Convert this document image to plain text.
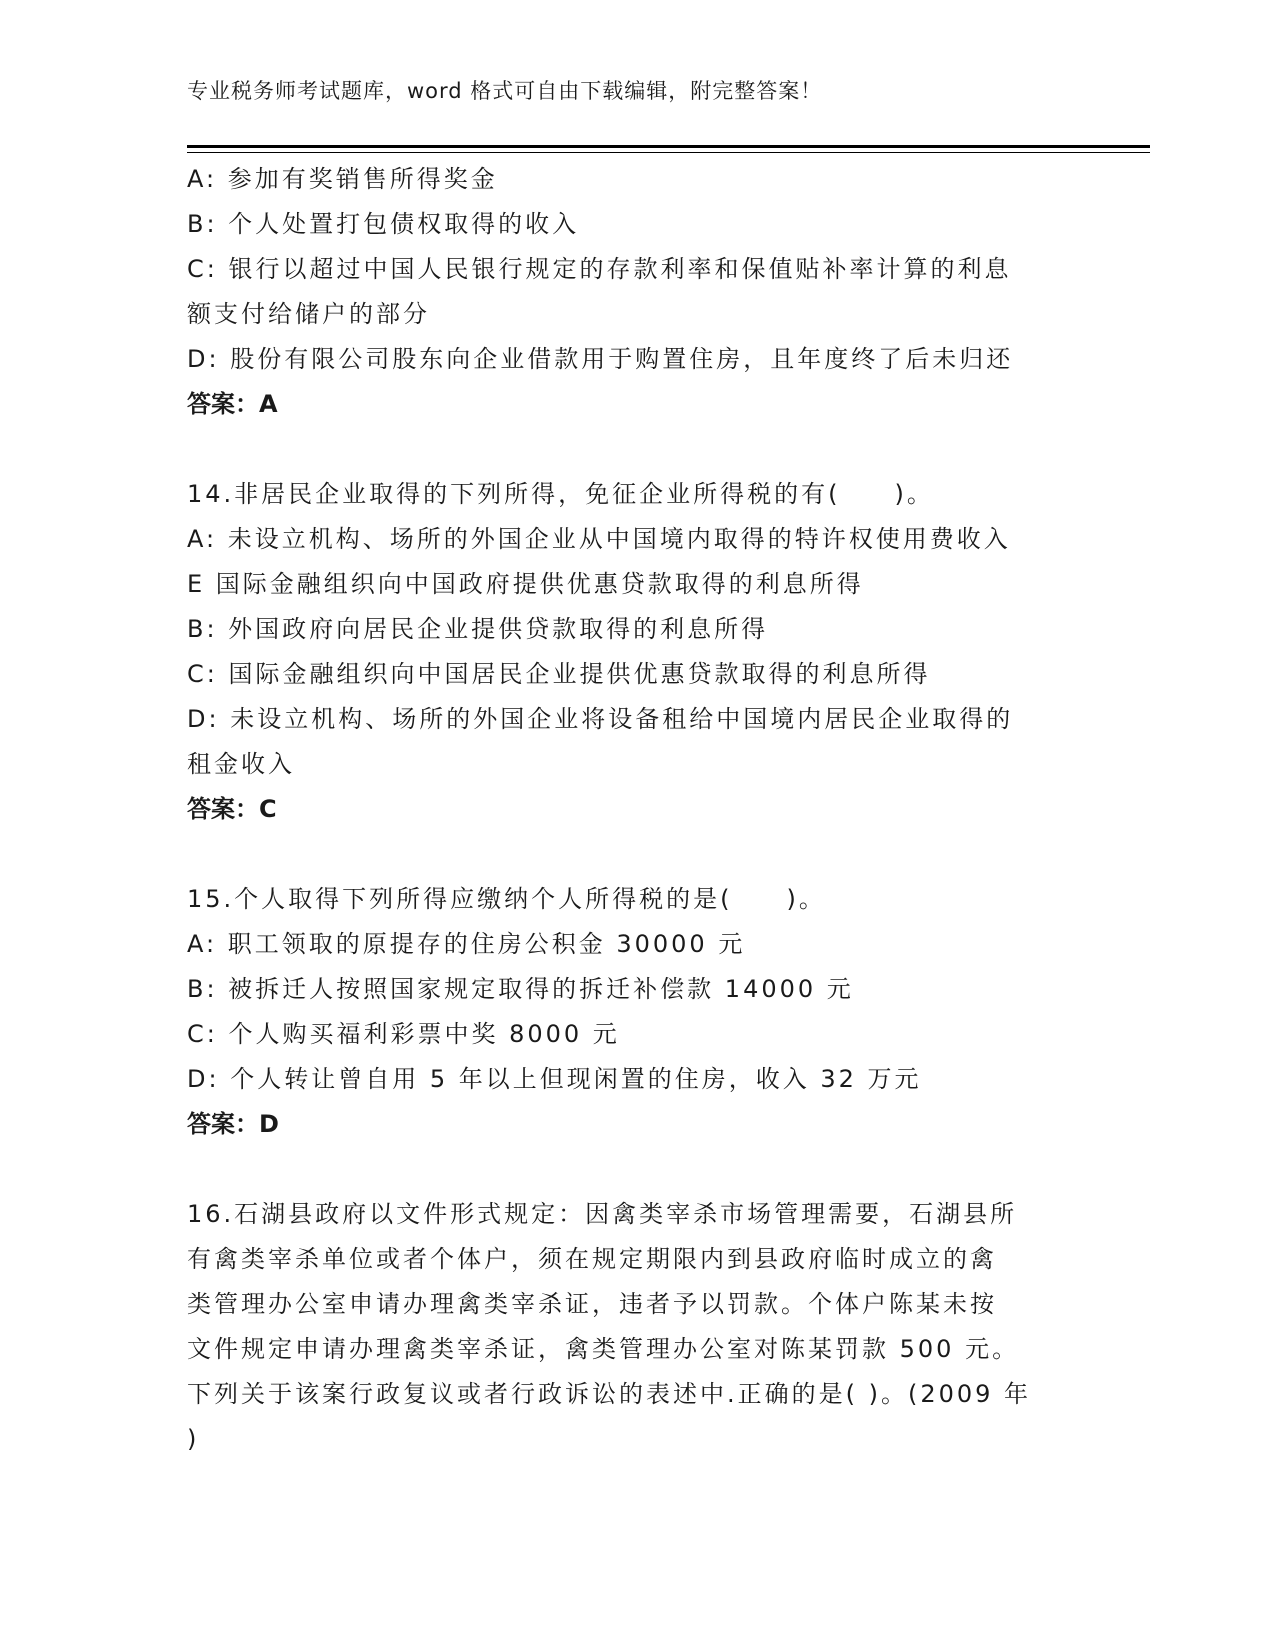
专业税务师考试题库，word 格式可自由下载编辑，附完整答案！
A: 参加有奖销售所得奖金
B: 个人处置打包债权取得的收入
C: 银行以超过中国人民银行规定的存款利率和保值贴补率计算的利息
额支付给储户的部分
D: 股份有限公司股东向企业借款用于购置住房，且年度终了后未归还
答案：A
14.非居民企业取得的下列所得，免征企业所得税的有(　　)。
A: 未设立机构、场所的外国企业从中国境内取得的特许权使用费收入
E 国际金融组织向中国政府提供优惠贷款取得的利息所得
B: 外国政府向居民企业提供贷款取得的利息所得
C: 国际金融组织向中国居民企业提供优惠贷款取得的利息所得
D: 未设立机构、场所的外国企业将设备租给中国境内居民企业取得的
租金收入
答案：C
15.个人取得下列所得应缴纳个人所得税的是(　　)。
A: 职工领取的原提存的住房公积金 30000 元
B: 被拆迁人按照国家规定取得的拆迁补偿款 14000 元
C: 个人购买福利彩票中奖 8000 元
D: 个人转让曾自用 5 年以上但现闲置的住房，收入 32 万元
答案：D
16.石湖县政府以文件形式规定：因禽类宰杀市场管理需要，石湖县所
有禽类宰杀单位或者个体户，须在规定期限内到县政府临时成立的禽
类管理办公室申请办理禽类宰杀证，违者予以罚款。个体户陈某未按
文件规定申请办理禽类宰杀证，禽类管理办公室对陈某罚款 500 元。
下列关于该案行政复议或者行政诉讼的表述中.正确的是( )。(2009 年
)
